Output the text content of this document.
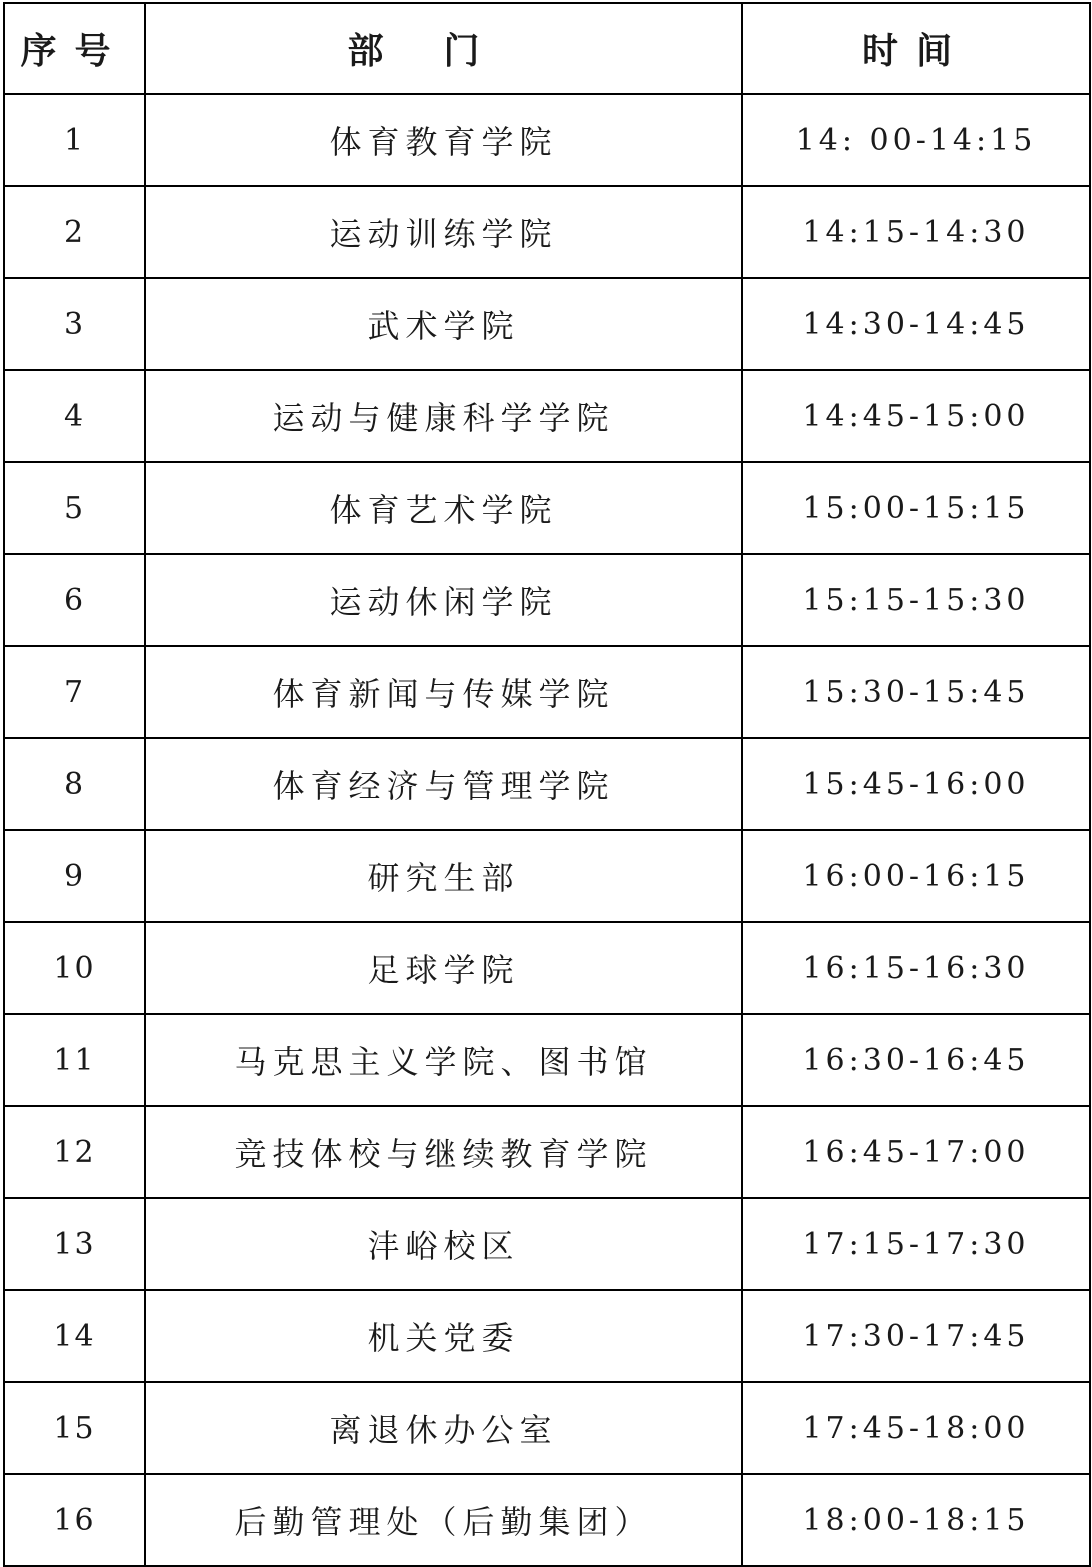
序号	部门	时间
1	体育教育学院	14: 00-14:15
2	运动训练学院	14:15-14:30
3	武术学院	14:30-14:45
4	运动与健康科学学院	14:45-15:00
5	体育艺术学院	15:00-15:15
6	运动休闲学院	15:15-15:30
7	体育新闻与传媒学院	15:30-15:45
8	体育经济与管理学院	15:45-16:00
9	研究生部	16:00-16:15
10	足球学院	16:15-16:30
11	马克思主义学院、图书馆	16:30-16:45
12	竞技体校与继续教育学院	16:45-17:00
13	沣峪校区	17:15-17:30
14	机关党委	17:30-17:45
15	离退休办公室	17:45-18:00
16	后勤管理处（后勤集团）	18:00-18:15
